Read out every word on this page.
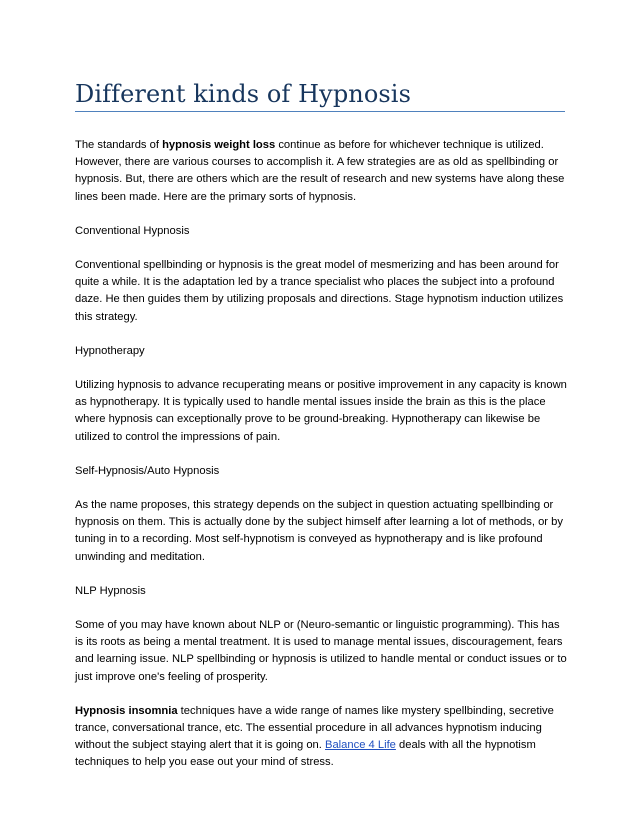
Different kinds of Hypnosis

The standards of hypnosis weight loss continue as before for whichever technique is utilized. However, there are various courses to accomplish it. A few strategies are as old as spellbinding or hypnosis. But, there are others which are the result of research and new systems have along these lines been made. Here are the primary sorts of hypnosis.

Conventional Hypnosis

Conventional spellbinding or hypnosis is the great model of mesmerizing and has been around for quite a while. It is the adaptation led by a trance specialist who places the subject into a profound daze. He then guides them by utilizing proposals and directions. Stage hypnotism induction utilizes this strategy.

Hypnotherapy

Utilizing hypnosis to advance recuperating means or positive improvement in any capacity is known as hypnotherapy. It is typically used to handle mental issues inside the brain as this is the place where hypnosis can exceptionally prove to be ground-breaking. Hypnotherapy can likewise be utilized to control the impressions of pain.

Self-Hypnosis/Auto Hypnosis

As the name proposes, this strategy depends on the subject in question actuating spellbinding or hypnosis on them. This is actually done by the subject himself after learning a lot of methods, or by tuning in to a recording. Most self-hypnotism is conveyed as hypnotherapy and is like profound unwinding and meditation.

NLP Hypnosis

Some of you may have known about NLP or (Neuro-semantic or linguistic programming). This has is its roots as being a mental treatment. It is used to manage mental issues, discouragement, fears and learning issue. NLP spellbinding or hypnosis is utilized to handle mental or conduct issues or to just improve one's feeling of prosperity.

Hypnosis insomnia techniques have a wide range of names like mystery spellbinding, secretive trance, conversational trance, etc. The essential procedure in all advances hypnotism inducing without the subject staying alert that it is going on. Balance 4 Life deals with all the hypnotism techniques to help you ease out your mind of stress.
